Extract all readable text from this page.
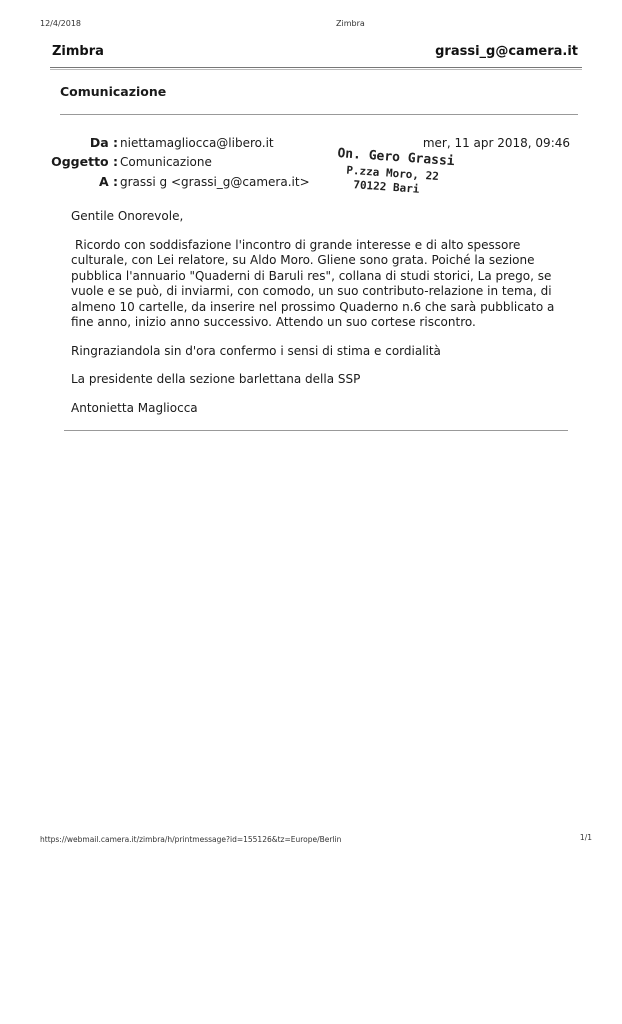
12/4/2018	Zimbra
Zimbra	grassi_g@camera.it
Comunicazione
Da : niettamagliocca@libero.it
Oggetto : Comunicazione
A : grassi g <grassi_g@camera.it>
mer, 11 apr 2018, 09:46
On. Gero Grassi
P.zza Moro, 22
70122 Bari

Gentile Onorevole,

Ricordo con soddisfazione l'incontro di grande interesse e di alto spessore culturale, con Lei relatore, su Aldo Moro. Gliene sono grata. Poiché la sezione pubblica l'annuario "Quaderni di Baruli res", collana di studi storici, La prego, se vuole e se può, di inviarmi, con comodo, un suo contributo-relazione in tema, di almeno 10 cartelle, da inserire nel prossimo Quaderno n.6 che sarà pubblicato a fine anno, inizio anno successivo. Attendo un suo cortese riscontro.

Ringraziandola sin d'ora confermo i sensi di stima e cordialità

La presidente della sezione barlettana della SSP

Antonietta Magliocca

https://webmail.camera.it/zimbra/h/printmessage?id=155126&tz=Europe/Berlin	1/1
